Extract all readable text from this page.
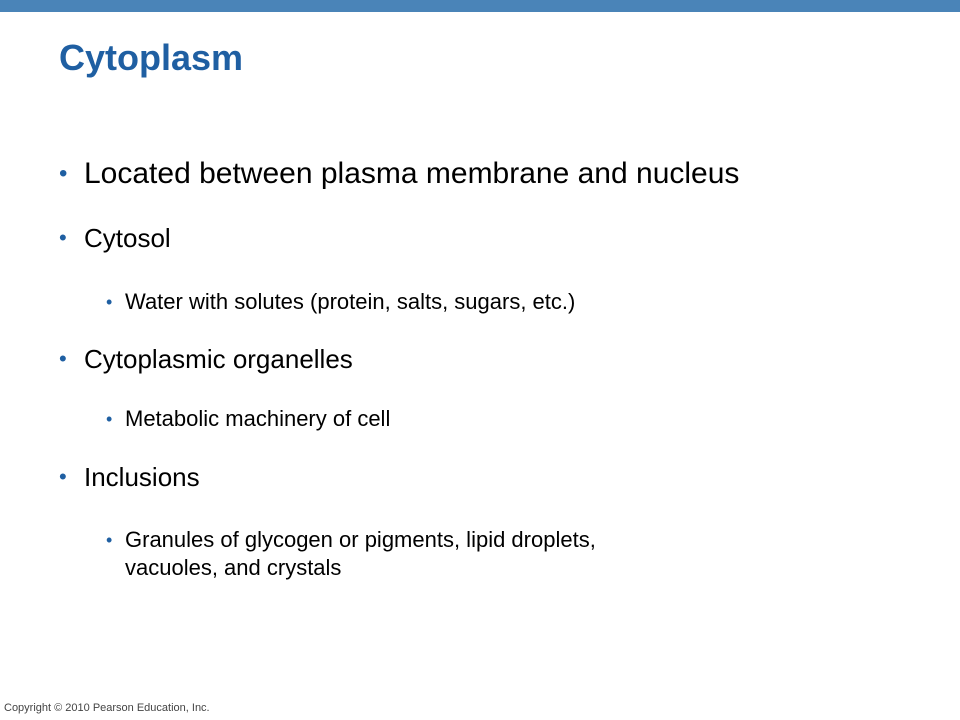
Cytoplasm
• Located between plasma membrane and nucleus
• Cytosol
• Water with solutes (protein, salts, sugars, etc.)
• Cytoplasmic organelles
• Metabolic machinery of cell
• Inclusions
• Granules of glycogen or pigments, lipid droplets,
vacuoles, and crystals
Copyright © 2010 Pearson Education, Inc.
